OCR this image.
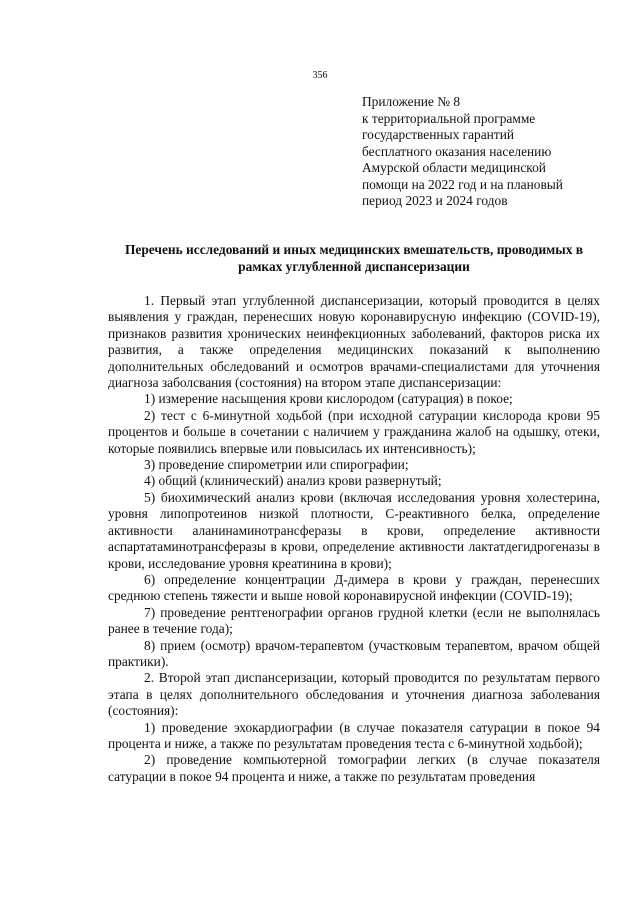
356
Приложение № 8
к территориальной программе
государственных гарантий
бесплатного оказания населению
Амурской области медицинской
помощи на 2022 год и на плановый
период 2023 и 2024 годов
Перечень исследований и иных медицинских вмешательств, проводимых в рамках углубленной диспансеризации

1. Первый этап углубленной диспансеризации, который проводится в целях выявления у граждан, перенесших новую коронавирусную инфекцию (COVID-19), признаков развития хронических неинфекционных заболеваний, факторов риска их развития, а также определения медицинских показаний к выполнению дополнительных обследований и осмотров врачами-специалистами для уточнения диагноза заболсвания (состояния) на втором этапе диспансеризации:

1) измерение насыщения крови кислородом (сатурация) в покое;

2) тест с 6-минутной ходьбой (при исходной сатурации кислорода крови 95 процентов и больше в сочетании с наличием у гражданина жалоб на одышку, отеки, которые появились впервые или повысилась их интенсивность);

3) проведение спирометрии или спирографии;

4) общий (клинический) анализ крови развернутый;

5) биохимический анализ крови (включая исследования уровня холестерина, уровня липопротеинов низкой плотности, С-реактивного белка, определение активности аланинаминотрансферазы в крови, определение активности аспартатаминотрансферазы в крови, определение активности лактатдегидрогеназы в крови, исследование уровня креатинина в крови);

6) определение концентрации Д-димера в крови у граждан, перенесших среднюю степень тяжести и выше новой коронавирусной инфекции (COVID-19);

7) проведение рентгенографии органов грудной клетки (если не выполнялась ранее в течение года);

8) прием (осмотр) врачом-терапевтом (участковым терапевтом, врачом общей практики).

2. Второй этап диспансеризации, который проводится по результатам первого этапа в целях дополнительного обследования и уточнения диагноза заболевания (состояния):

1) проведение эхокардиографии (в случае показателя сатурации в покое 94 процента и ниже, а также по результатам проведения теста с 6-минутной ходьбой);

2) проведение компьютерной томографии легких (в случае показателя сатурации в покое 94 процента и ниже, а также по результатам проведения
